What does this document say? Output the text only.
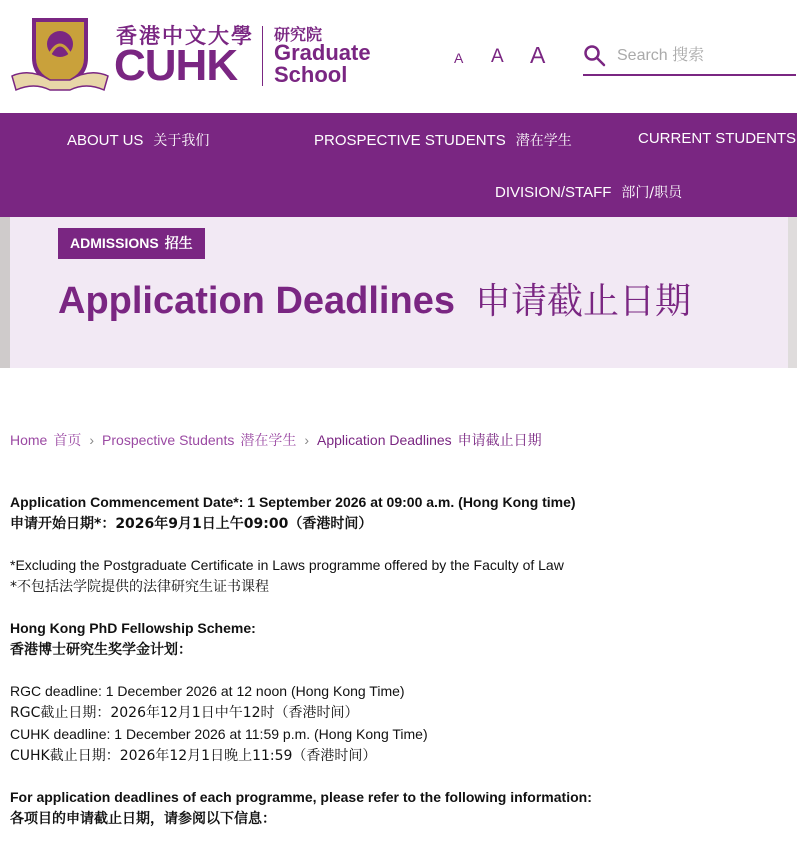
香港中文大學
CUHK
研究院
Graduate
School
A A A
Search 搜索
ABOUT US 关于我们	PROSPECTIVE STUDENTS 潜在学生	CURRENT STUDENTS
DIVISION/STAFF 部门/职员
ADMISSIONS 招生
Application Deadlines 申请截止日期
Home 首页 › Prospective Students 潜在学生 › Application Deadlines 申请截止日期

Application Commencement Date*: 1 September 2026 at 09:00 a.m. (Hong Kong time)
申请开始日期*：2026年9月1日上午09:00（香港时间）

*Excluding the Postgraduate Certificate in Laws programme offered by the Faculty of Law
*不包括法学院提供的法律研究生证书课程

Hong Kong PhD Fellowship Scheme:
香港博士研究生奖学金计划：

RGC deadline: 1 December 2026 at 12 noon (Hong Kong Time)
RGC截止日期：2026年12月1日中午12时（香港时间）
CUHK deadline: 1 December 2026 at 11:59 p.m. (Hong Kong Time)
CUHK截止日期：2026年12月1日晚上11:59（香港时间）

For application deadlines of each programme, please refer to the following information:
各项目的申请截止日期，请参阅以下信息：
